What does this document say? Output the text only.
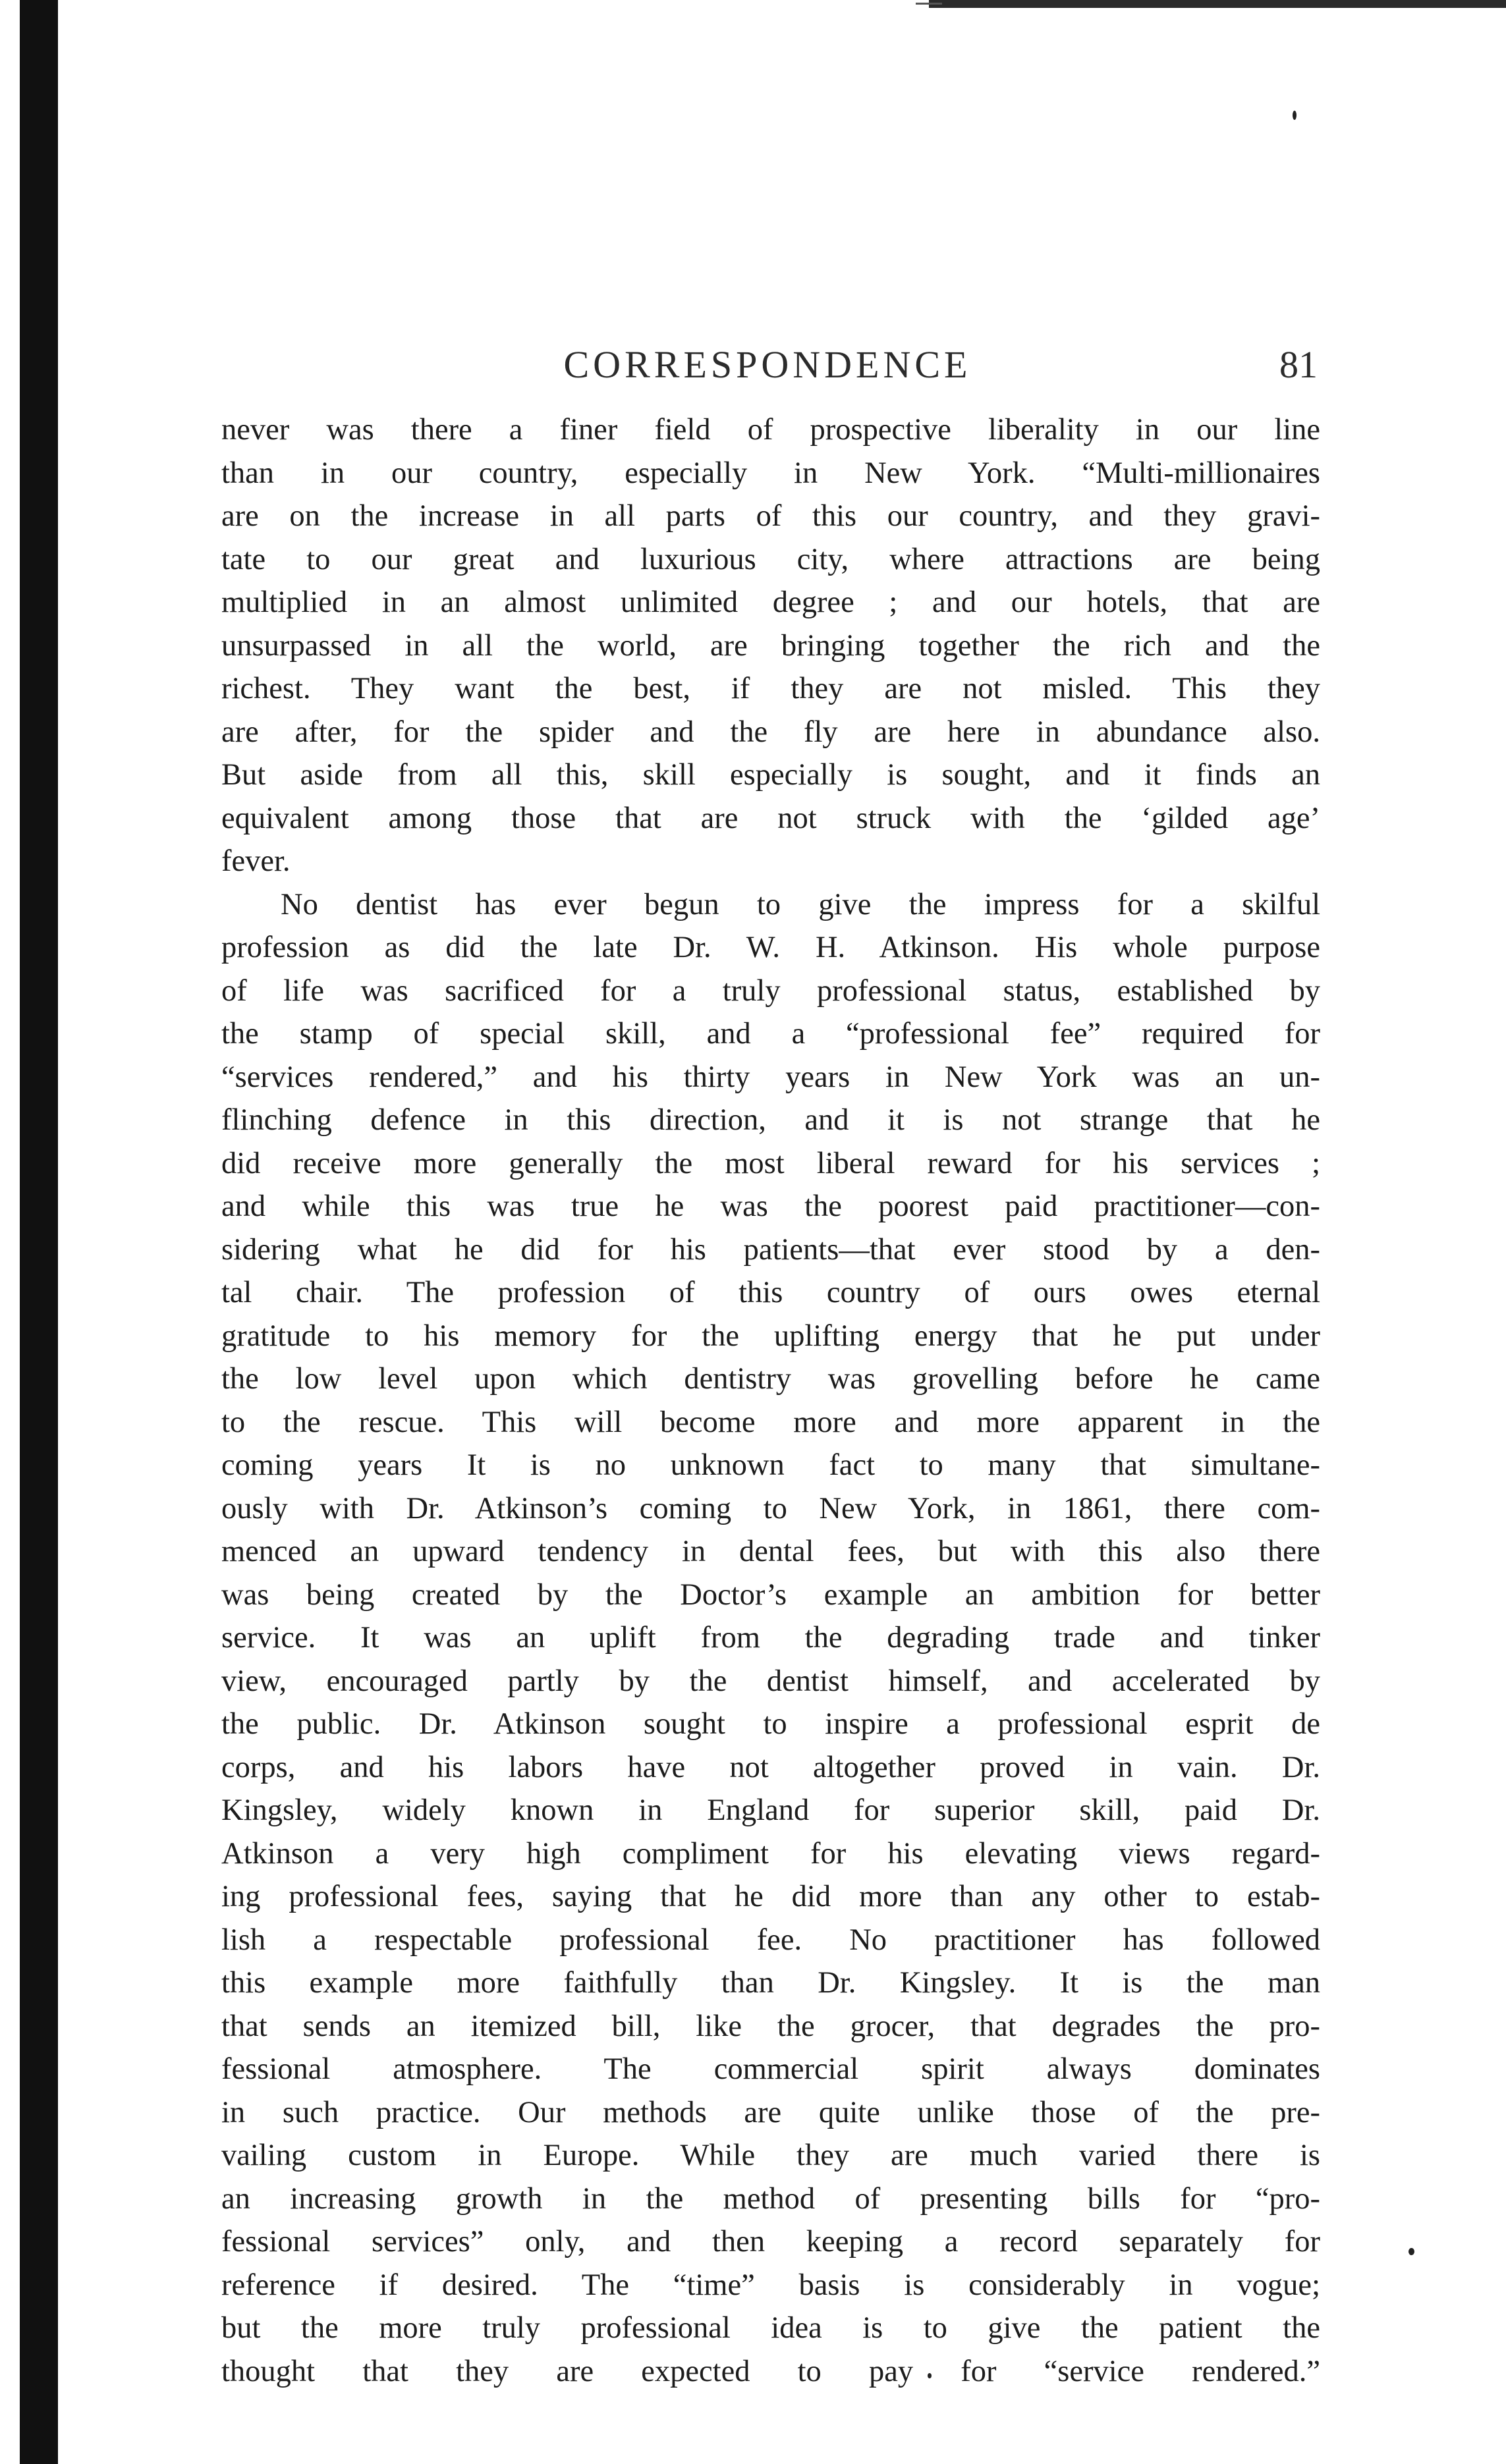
CORRESPONDENCE	81
never was there a finer field of prospective liberality in our line
than in our country, especially in New York. “Multi-millionaires
are on the increase in all parts of this our country, and they gravi-
tate to our great and luxurious city, where attractions are being
multiplied in an almost unlimited degree ; and our hotels, that are
unsurpassed in all the world, are bringing together the rich and the
richest. They want the best, if they are not misled. This they
are after, for the spider and the fly are here in abundance also.
But aside from all this, skill especially is sought, and it finds an
equivalent among those that are not struck with the ‘gilded age’
fever.
No dentist has ever begun to give the impress for a skilful
profession as did the late Dr. W. H. Atkinson. His whole purpose
of life was sacrificed for a truly professional status, established by
the stamp of special skill, and a “professional fee” required for
“services rendered,” and his thirty years in New York was an un-
flinching defence in this direction, and it is not strange that he
did receive more generally the most liberal reward for his services ;
and while this was true he was the poorest paid practitioner—con-
sidering what he did for his patients—that ever stood by a den-
tal chair. The profession of this country of ours owes eternal
gratitude to his memory for the uplifting energy that he put under
the low level upon which dentistry was grovelling before he came
to the rescue. This will become more and more apparent in the
coming years It is no unknown fact to many that simultane-
ously with Dr. Atkinson’s coming to New York, in 1861, there com-
menced an upward tendency in dental fees, but with this also there
was being created by the Doctor’s example an ambition for better
service. It was an uplift from the degrading trade and tinker
view, encouraged partly by the dentist himself, and accelerated by
the public. Dr. Atkinson sought to inspire a professional esprit de
corps, and his labors have not altogether proved in vain. Dr.
Kingsley, widely known in England for superior skill, paid Dr.
Atkinson a very high compliment for his elevating views regard-
ing professional fees, saying that he did more than any other to estab-
lish a respectable professional fee. No practitioner has followed
this example more faithfully than Dr. Kingsley. It is the man
that sends an itemized bill, like the grocer, that degrades the pro-
fessional atmosphere. The commercial spirit always dominates
in such practice. Our methods are quite unlike those of the pre-
vailing custom in Europe. While they are much varied there is
an increasing growth in the method of presenting bills for “pro-
fessional services” only, and then keeping a record separately for
reference if desired. The “time” basis is considerably in vogue;
but the more truly professional idea is to give the patient the
thought that they are expected to pay for “service rendered.”
